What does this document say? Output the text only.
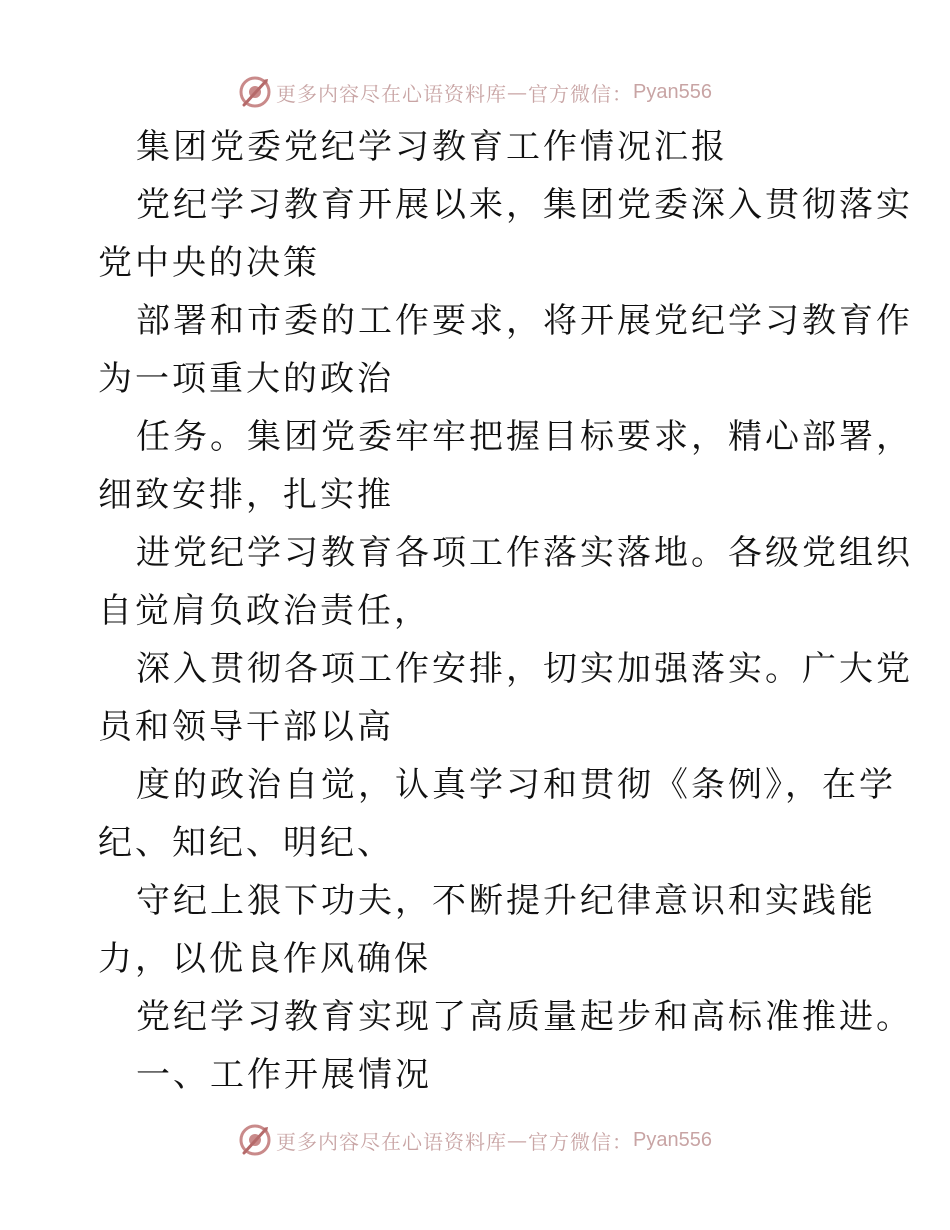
更多内容尽在心语资料库 — 官方微信： Pyan556
集团党委党纪学习教育工作情况汇报
党纪学习教育开展以来，集团党委深入贯彻落实
党中央的决策
部署和市委的工作要求，将开展党纪学习教育作
为一项重大的政治
任务。集团党委牢牢把握目标要求，精心部署，
细致安排，扎实推
进党纪学习教育各项工作落实落地。各级党组织
自觉肩负政治责任，
深入贯彻各项工作安排，切实加强落实。广大党
员和领导干部以高
度的政治自觉，认真学习和贯彻《条例》，在学
纪、知纪、明纪、
守纪上狠下功夫，不断提升纪律意识和实践能
力，以优良作风确保
党纪学习教育实现了高质量起步和高标准推进。
一、工作开展情况
更多内容尽在心语资料库 — 官方微信： Pyan556
